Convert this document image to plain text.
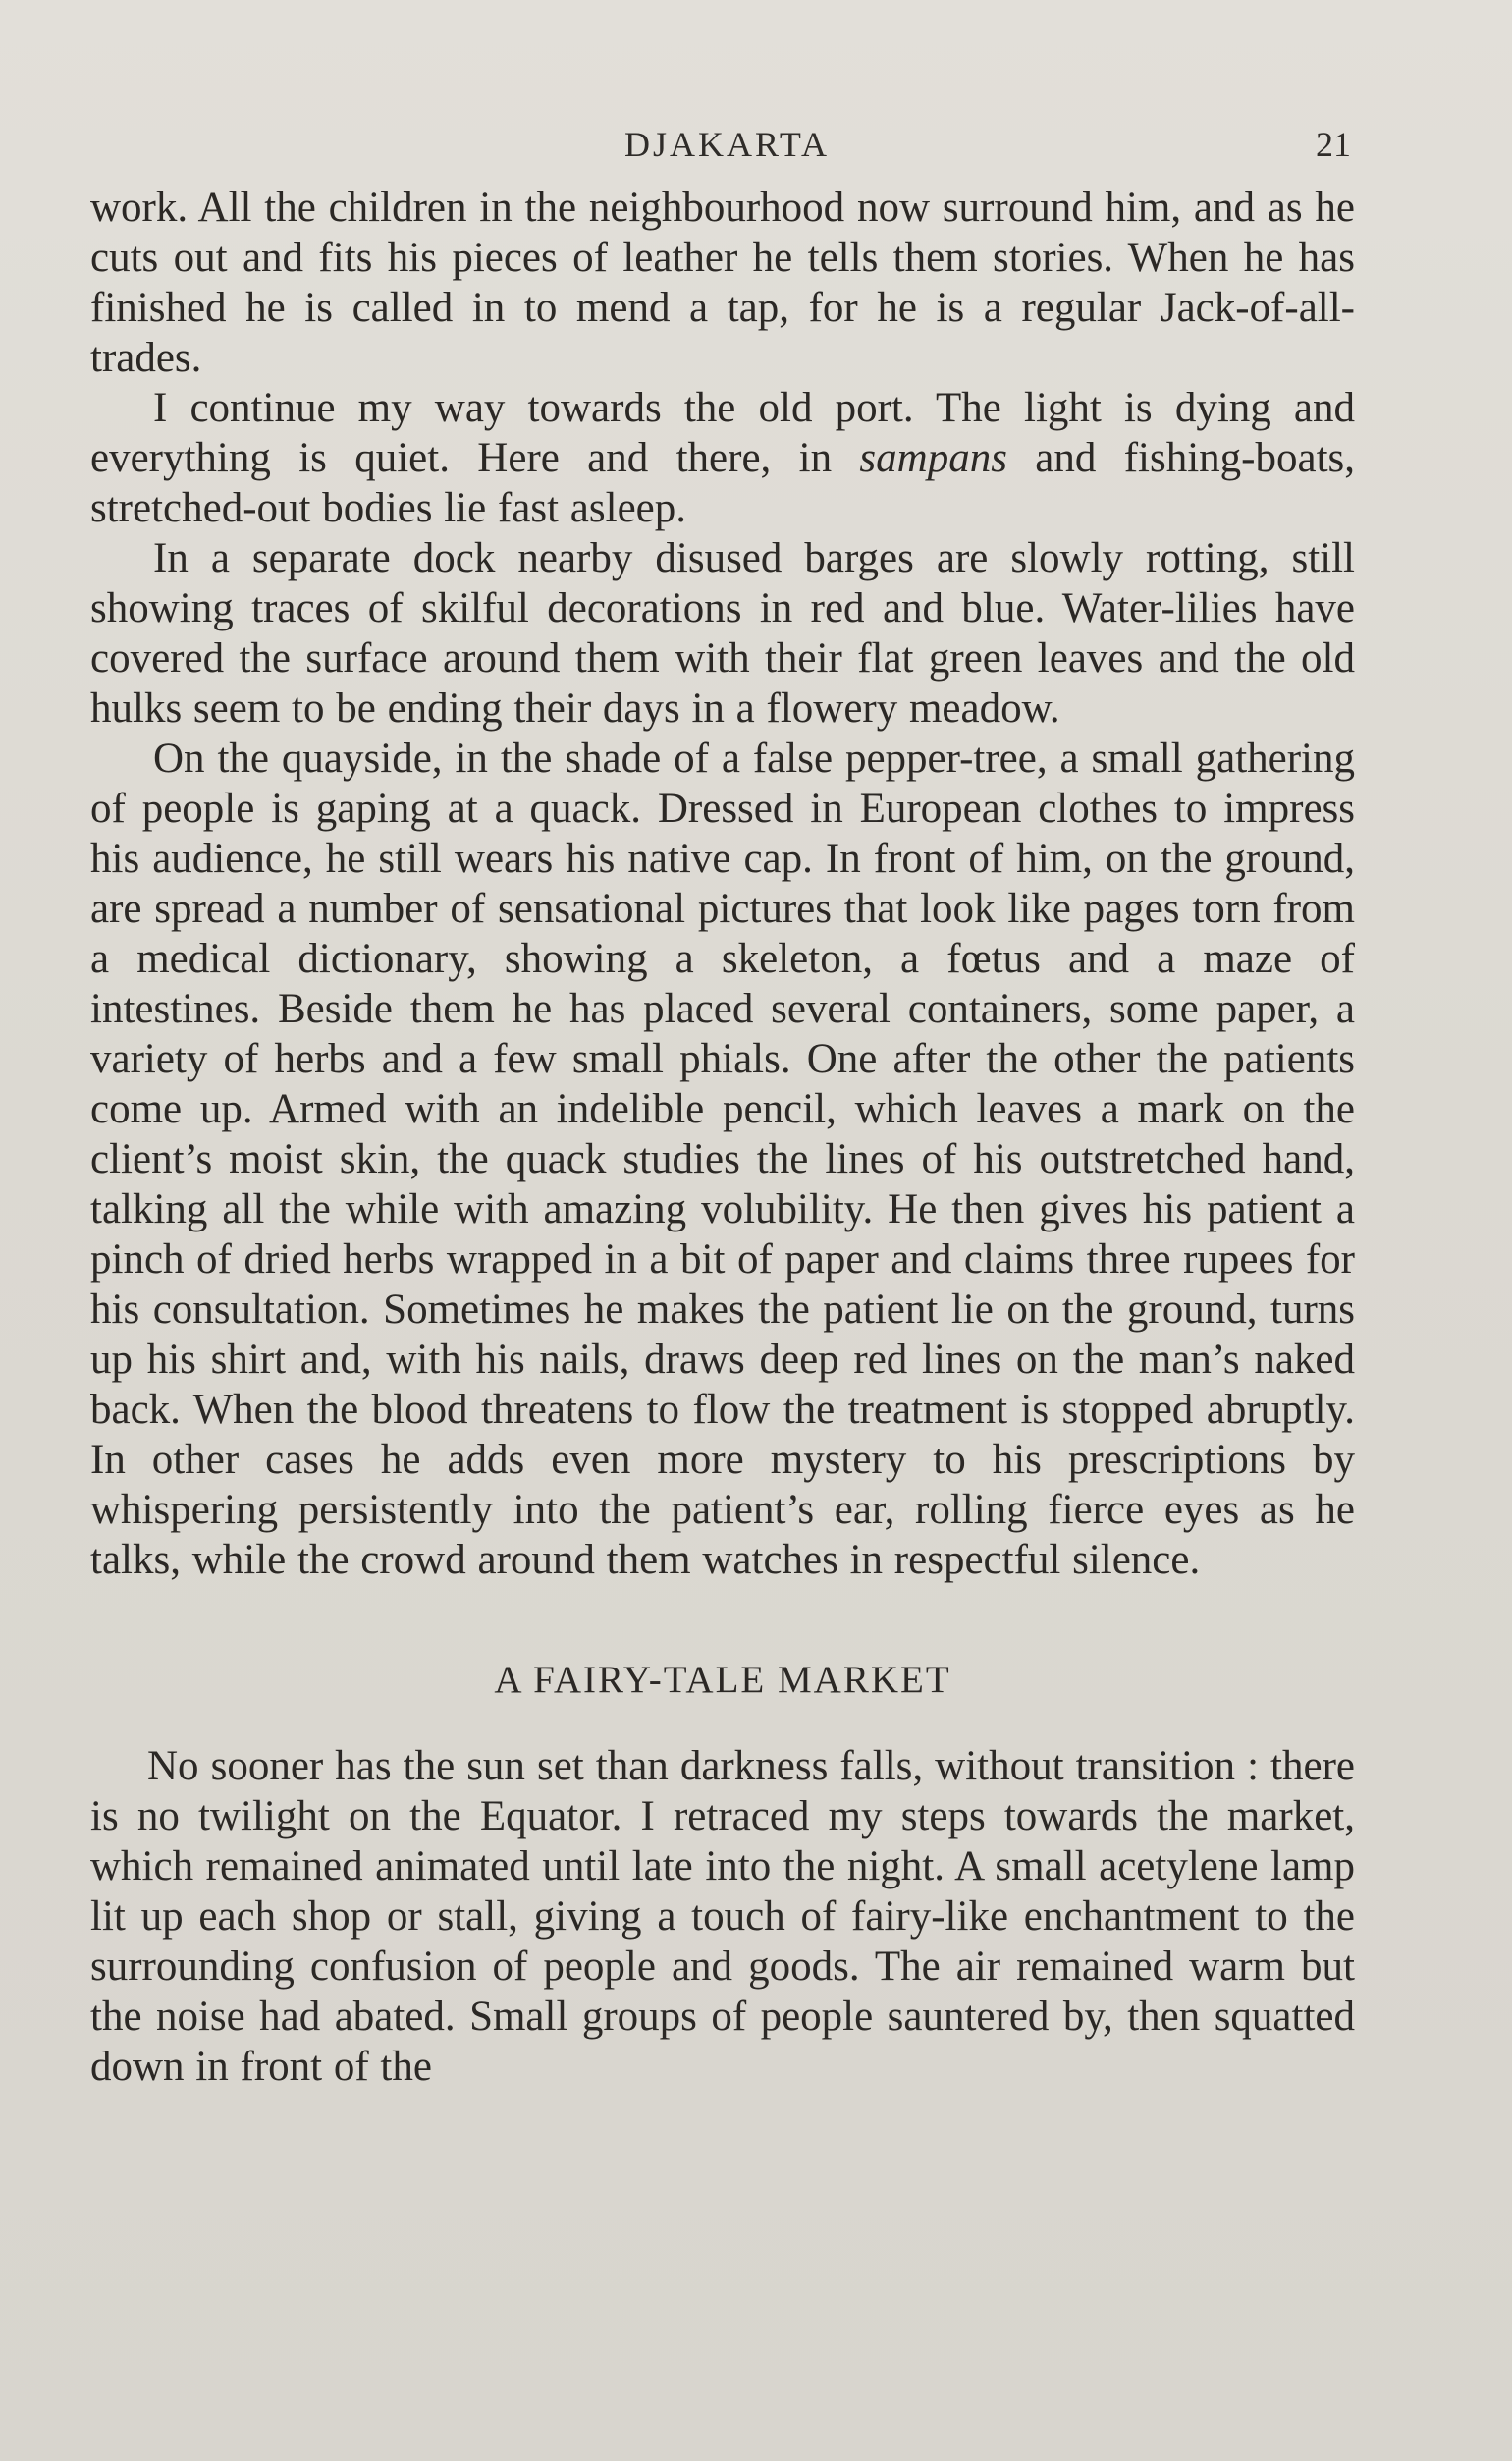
DJAKARTA	21

work. All the children in the neighbourhood now surround him, and as he cuts out and fits his pieces of leather he tells them stories. When he has finished he is called in to mend a tap, for he is a regular Jack-of-all-trades.

I continue my way towards the old port. The light is dying and everything is quiet. Here and there, in sampans and fishing-boats, stretched-out bodies lie fast asleep.

In a separate dock nearby disused barges are slowly rotting, still showing traces of skilful decorations in red and blue. Water-lilies have covered the surface around them with their flat green leaves and the old hulks seem to be ending their days in a flowery meadow.

On the quayside, in the shade of a false pepper-tree, a small gathering of people is gaping at a quack. Dressed in European clothes to impress his audience, he still wears his native cap. In front of him, on the ground, are spread a number of sensational pictures that look like pages torn from a medical dictionary, showing a skeleton, a fœtus and a maze of intestines. Beside them he has placed several containers, some paper, a variety of herbs and a few small phials. One after the other the patients come up. Armed with an indelible pencil, which leaves a mark on the client’s moist skin, the quack studies the lines of his outstretched hand, talking all the while with amazing volubility. He then gives his patient a pinch of dried herbs wrapped in a bit of paper and claims three rupees for his consultation. Sometimes he makes the patient lie on the ground, turns up his shirt and, with his nails, draws deep red lines on the man’s naked back. When the blood threatens to flow the treatment is stopped abruptly. In other cases he adds even more mystery to his prescriptions by whispering persistently into the patient’s ear, rolling fierce eyes as he talks, while the crowd around them watches in respectful silence.

A FAIRY-TALE MARKET

No sooner has the sun set than darkness falls, without transition : there is no twilight on the Equator. I retraced my steps towards the market, which remained animated until late into the night. A small acetylene lamp lit up each shop or stall, giving a touch of fairy-like enchantment to the surrounding confusion of people and goods. The air remained warm but the noise had abated. Small groups of people sauntered by, then squatted down in front of the
